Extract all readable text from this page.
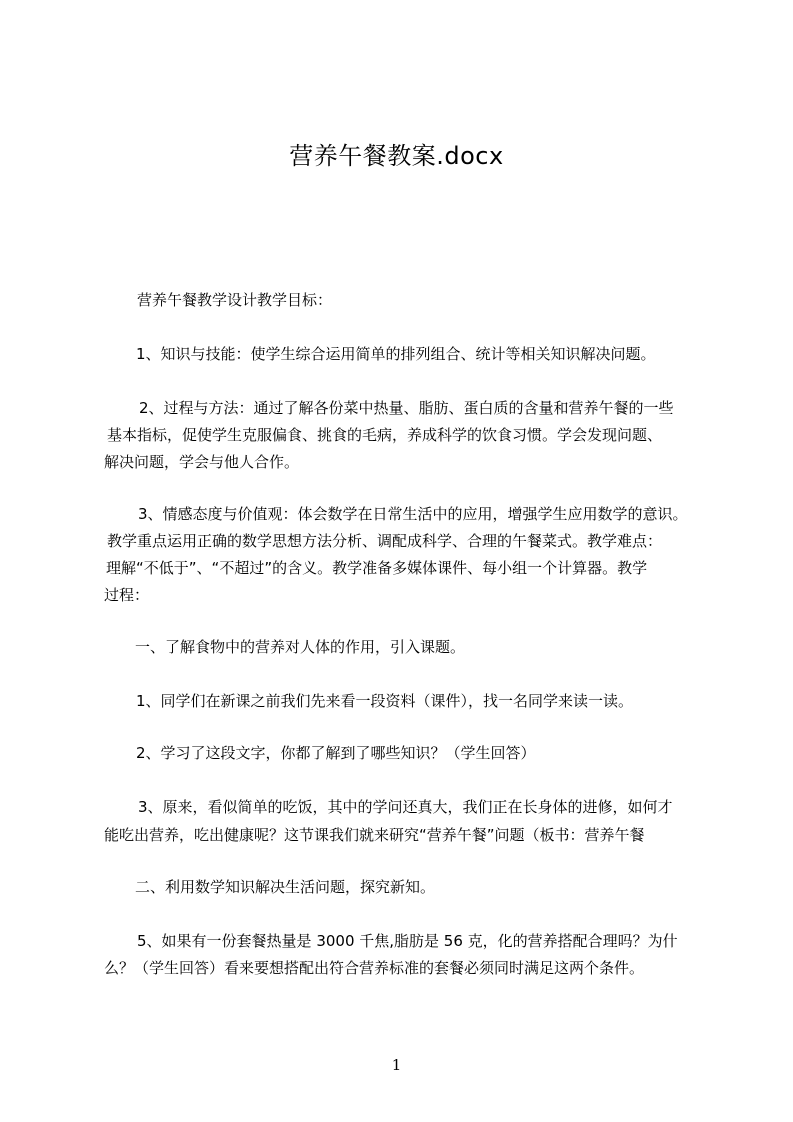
营养午餐教案.docx
营养午餐教学设计教学目标：
1、知识与技能：使学生综合运用简单的排列组合、统计等相关知识解决问题。
2、过程与方法：通过了解各份菜中热量、脂肪、蛋白质的含量和营养午餐的一些
基本指标，促使学生克服偏食、挑食的毛病，养成科学的饮食习惯。学会发现问题、
解决问题，学会与他人合作。
3、情感态度与价值观：体会数学在日常生活中的应用，增强学生应用数学的意识。
教学重点运用正确的数学思想方法分析、调配成科学、合理的午餐菜式。教学难点：
理解“不低于”、“不超过”的含义。教学准备多媒体课件、每小组一个计算器。教学
过程：
一、了解食物中的营养对人体的作用，引入课题。
1、同学们在新课之前我们先来看一段资料（课件），找一名同学来读一读。
2、学习了这段文字，你都了解到了哪些知识？（学生回答）
3、原来，看似简单的吃饭，其中的学问还真大，我们正在长身体的进修，如何才
能吃出营养，吃出健康呢？这节课我们就来研究“营养午餐”问题（板书：营养午餐
二、利用数学知识解决生活问题，探究新知。
5、如果有一份套餐热量是 3000 千焦,脂肪是 56 克，化的营养搭配合理吗？为什
么？（学生回答）看来要想搭配出符合营养标准的套餐必须同时满足这两个条件。
1
